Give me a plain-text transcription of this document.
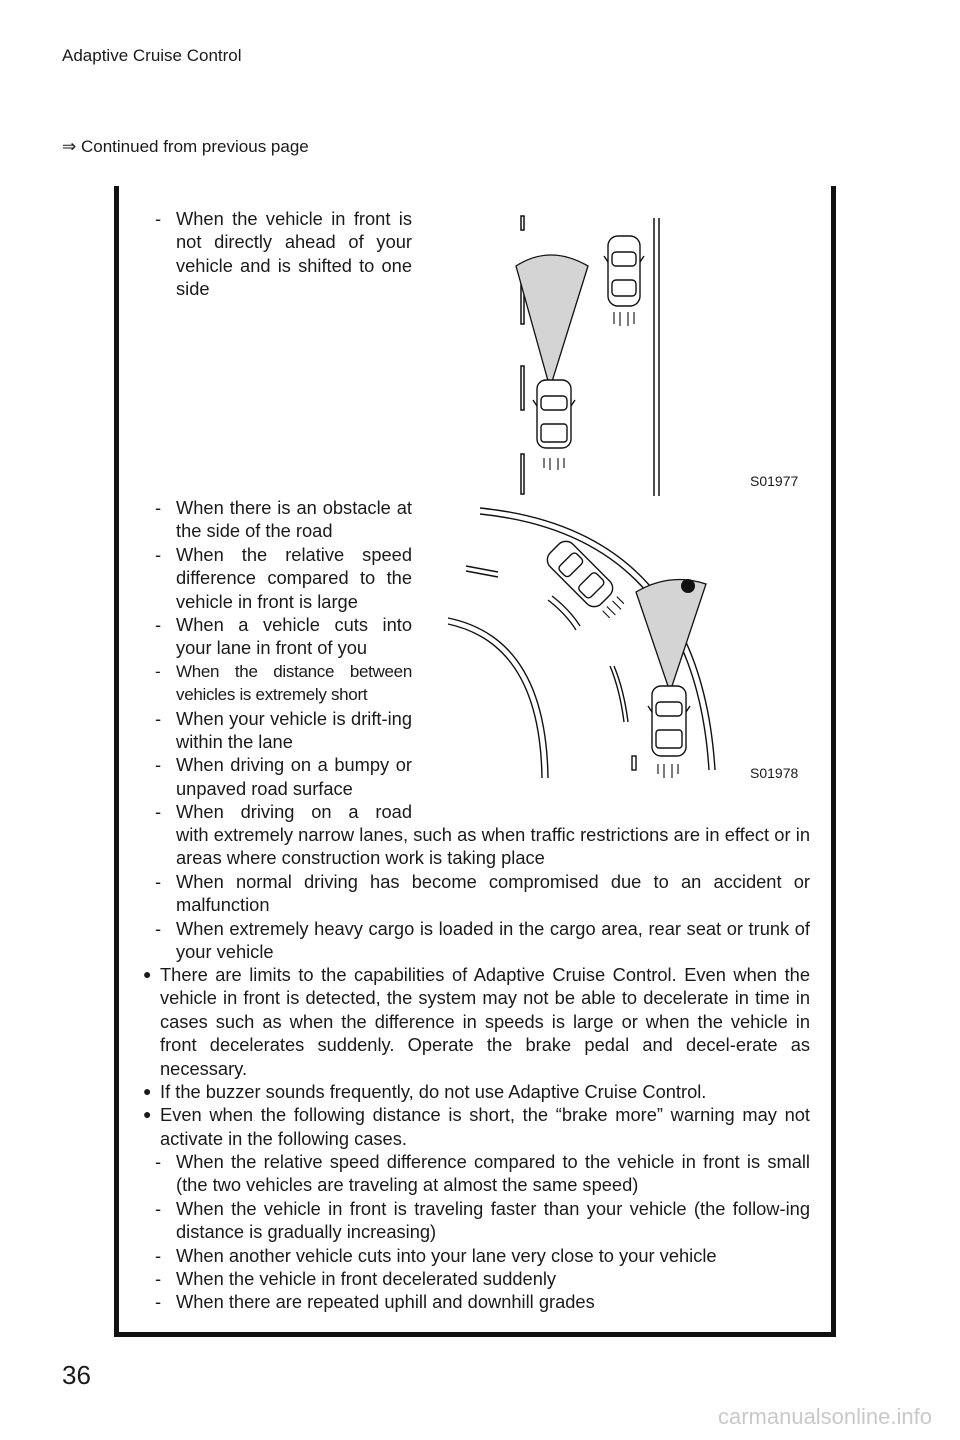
Adaptive Cruise Control
⇒ Continued from previous page
- When the vehicle in front is not directly ahead of your vehicle and is shifted to one side
S01977
- When there is an obstacle at the side of the road
- When the relative speed difference compared to the vehicle in front is large
- When a vehicle cuts into your lane in front of you
- When the distance between vehicles is extremely short
- When your vehicle is drift-ing within the lane
- When driving on a bumpy or unpaved road surface
- When driving on a road
S01978
with extremely narrow lanes, such as when traffic restrictions are in effect or in areas where construction work is taking place
- When normal driving has become compromised due to an accident or malfunction
- When extremely heavy cargo is loaded in the cargo area, rear seat or trunk of your vehicle
● There are limits to the capabilities of Adaptive Cruise Control. Even when the vehicle in front is detected, the system may not be able to decelerate in time in cases such as when the difference in speeds is large or when the vehicle in front decelerates suddenly. Operate the brake pedal and decel-erate as necessary.
● If the buzzer sounds frequently, do not use Adaptive Cruise Control.
● Even when the following distance is short, the “brake more” warning may not activate in the following cases.
- When the relative speed difference compared to the vehicle in front is small (the two vehicles are traveling at almost the same speed)
- When the vehicle in front is traveling faster than your vehicle (the follow-ing distance is gradually increasing)
- When another vehicle cuts into your lane very close to your vehicle
- When the vehicle in front decelerated suddenly
- When there are repeated uphill and downhill grades
36
carmanualsonline.info
